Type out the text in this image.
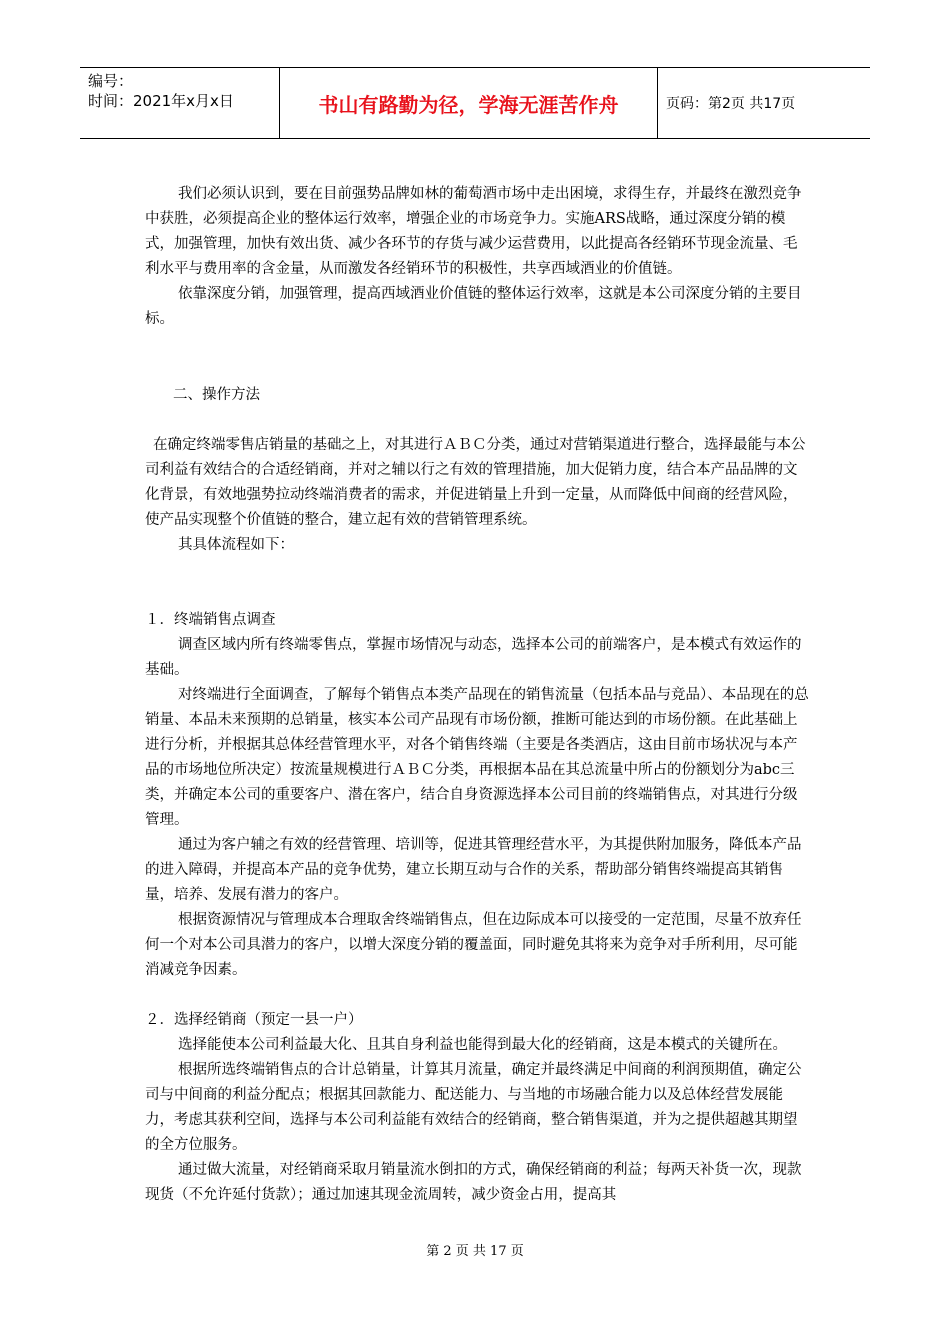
编号：
时间：2021年x月x日	书山有路勤为径，学海无涯苦作舟	页码：第2页 共17页

我们必须认识到，要在目前强势品牌如林的葡萄酒市场中走出困境，求得生存，并最终在激烈竞争中获胜，必须提高企业的整体运行效率，增强企业的市场竞争力。实施ARS战略，通过深度分销的模式，加强管理，加快有效出货、减少各环节的存货与减少运营费用，以此提高各经销环节现金流量、毛利水平与费用率的含金量，从而激发各经销环节的积极性，共享西域酒业的价值链。

依靠深度分销，加强管理，提高西域酒业价值链的整体运行效率，这就是本公司深度分销的主要目标。

二、操作方法

在确定终端零售店销量的基础之上，对其进行ＡＢＣ分类，通过对营销渠道进行整合，选择最能与本公司利益有效结合的合适经销商，并对之辅以行之有效的管理措施，加大促销力度，结合本产品品牌的文化背景，有效地强势拉动终端消费者的需求，并促进销量上升到一定量，从而降低中间商的经营风险，使产品实现整个价值链的整合，建立起有效的营销管理系统。

其具体流程如下：

１．终端销售点调查

调查区域内所有终端零售点，掌握市场情况与动态，选择本公司的前端客户，是本模式有效运作的基础。

对终端进行全面调查，了解每个销售点本类产品现在的销售流量（包括本品与竞品）、本品现在的总销量、本品未来预期的总销量，核实本公司产品现有市场份额，推断可能达到的市场份额。在此基础上进行分析，并根据其总体经营管理水平，对各个销售终端（主要是各类酒店，这由目前市场状况与本产品的市场地位所决定）按流量规模进行ＡＢＣ分类，再根据本品在其总流量中所占的份额划分为abc三类，并确定本公司的重要客户、潜在客户，结合自身资源选择本公司目前的终端销售点，对其进行分级管理。

通过为客户辅之有效的经营管理、培训等，促进其管理经营水平，为其提供附加服务，降低本产品的进入障碍，并提高本产品的竞争优势，建立长期互动与合作的关系，帮助部分销售终端提高其销售量，培养、发展有潜力的客户。

根据资源情况与管理成本合理取舍终端销售点，但在边际成本可以接受的一定范围，尽量不放弃任何一个对本公司具潜力的客户，以增大深度分销的覆盖面，同时避免其将来为竞争对手所利用，尽可能消减竞争因素。

２．选择经销商（预定一县一户）

选择能使本公司利益最大化、且其自身利益也能得到最大化的经销商，这是本模式的关键所在。

根据所选终端销售点的合计总销量，计算其月流量，确定并最终满足中间商的利润预期值，确定公司与中间商的利益分配点；根据其回款能力、配送能力、与当地的市场融合能力以及总体经营发展能力，考虑其获利空间，选择与本公司利益能有效结合的经销商，整合销售渠道，并为之提供超越其期望的全方位服务。

通过做大流量，对经销商采取月销量流水倒扣的方式，确保经销商的利益；每两天补货一次，现款现货（不允许延付货款）；通过加速其现金流周转，减少资金占用，提高其

第 2 页 共 17 页
